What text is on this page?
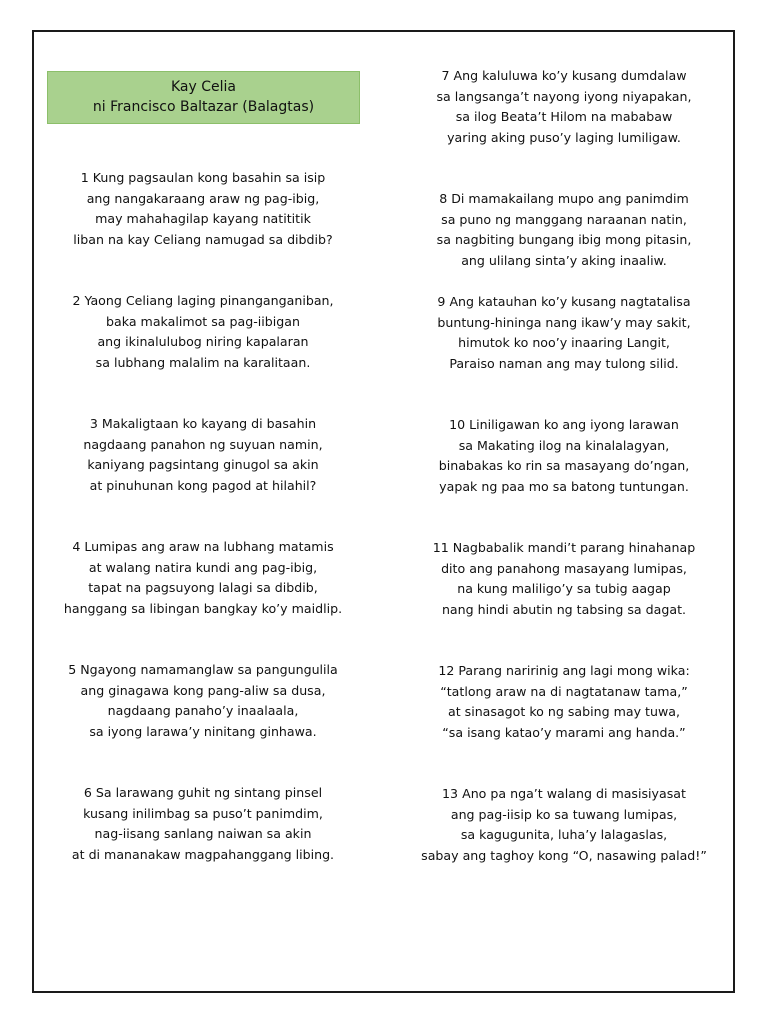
Kay Celia
ni Francisco Baltazar (Balagtas)
1 Kung pagsaulan kong basahin sa isip
ang nangakaraang araw ng pag-ibig,
may mahahagilap kayang natititik
liban na kay Celiang namugad sa dibdib?
2 Yaong Celiang laging pinanganganiban,
baka makalimot sa pag-iibigan
ang ikinalulubog niring kapalaran
sa lubhang malalim na karalitaan.
3 Makaligtaan ko kayang di basahin
nagdaang panahon ng suyuan namin,
kaniyang pagsintang ginugol sa akin
at pinuhunan kong pagod at hilahil?
4 Lumipas ang araw na lubhang matamis
at walang natira kundi ang pag-ibig,
tapat na pagsuyong lalagi sa dibdib,
hanggang sa libingan bangkay ko’y maidlip.
5 Ngayong namamanglaw sa pangungulila
ang ginagawa kong pang-aliw sa dusa,
nagdaang panaho’y inaalaala,
sa iyong larawa’y ninitang ginhawa.
6 Sa larawang guhit ng sintang pinsel
kusang inilimbag sa puso’t panimdim,
nag-iisang sanlang naiwan sa akin
at di mananakaw magpahanggang libing.
7 Ang kaluluwa ko’y kusang dumdalaw
sa langsanga’t nayong iyong niyapakan,
sa ilog Beata’t Hilom na mababaw
yaring aking puso’y laging lumiligaw.
8 Di mamakailang mupo ang panimdim
sa puno ng manggang naraanan natin,
sa nagbiting bungang ibig mong pitasin,
ang ulilang sinta’y aking inaaliw.
9 Ang katauhan ko’y kusang nagtatalisa
buntung-hininga nang ikaw’y may sakit,
himutok ko noo’y inaaring Langit,
Paraiso naman ang may tulong silid.
10 Liniligawan ko ang iyong larawan
sa Makating ilog na kinalalagyan,
binabakas ko rin sa masayang do’ngan,
yapak ng paa mo sa batong tuntungan.
11 Nagbabalik mandi’t parang hinahanap
dito ang panahong masayang lumipas,
na kung maliligo’y sa tubig aagap
nang hindi abutin ng tabsing sa dagat.
12 Parang naririnig ang lagi mong wika:
“tatlong araw na di nagtatanaw tama,”
at sinasagot ko ng sabing may tuwa,
“sa isang katao’y marami ang handa.”
13 Ano pa nga’t walang di masisiyasat
ang pag-iisip ko sa tuwang lumipas,
sa kagugunita, luha’y lalagaslas,
sabay ang taghoy kong “O, nasawing palad!”
